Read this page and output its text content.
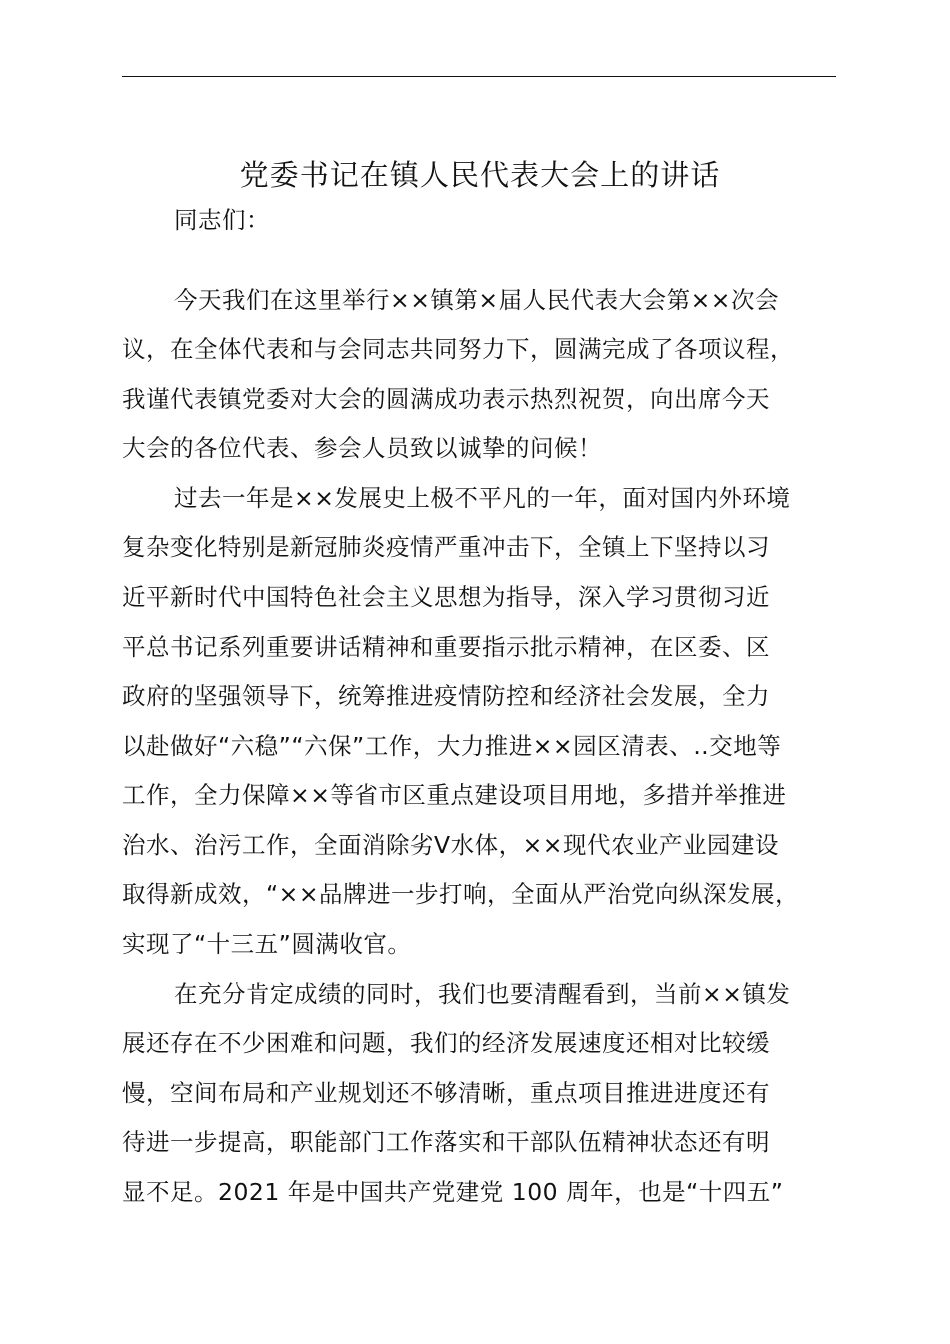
党委书记在镇人民代表大会上的讲话
同志们：
今天我们在这里举行××镇第×届人民代表大会第××次会
议，在全体代表和与会同志共同努力下，圆满完成了各项议程，
我谨代表镇党委对大会的圆满成功表示热烈祝贺，向出席今天
大会的各位代表、参会人员致以诚挚的问候！
过去一年是××发展史上极不平凡的一年，面对国内外环境
复杂变化特别是新冠肺炎疫情严重冲击下，全镇上下坚持以习
近平新时代中国特色社会主义思想为指导，深入学习贯彻习近
平总书记系列重要讲话精神和重要指示批示精神，在区委、区
政府的坚强领导下，统筹推进疫情防控和经济社会发展，全力
以赴做好“六稳”“六保”工作，大力推进××园区清表、‥交地等
工作，全力保障××等省市区重点建设项目用地，多措并举推进
治水、治污工作，全面消除劣Ⅴ水体，××现代农业产业园建设
取得新成效，“××品牌进一步打响，全面从严治党向纵深发展，
实现了“十三五”圆满收官。
在充分肯定成绩的同时，我们也要清醒看到，当前××镇发
展还存在不少困难和问题，我们的经济发展速度还相对比较缓
慢，空间布局和产业规划还不够清晰，重点项目推进进度还有
待进一步提高，职能部门工作落实和干部队伍精神状态还有明
显不足。2021 年是中国共产党建党 100 周年，也是“十四五”
